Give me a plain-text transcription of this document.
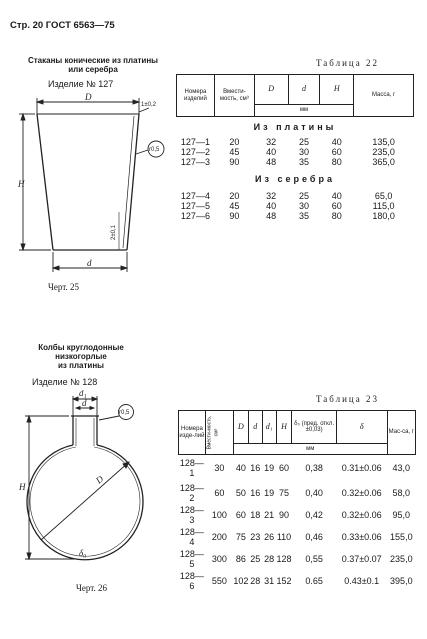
Стр. 20 ГОСТ 6563—75
Стаканы конические из платины
или серебра
Изделие № 127
D
H
d
1±0,2
r0,5
2±0,1
Черт. 25
Таблица 22
Номера изделий	Вмести-мость, см³	D	d	H	Масса, г
		мм			
Из платины					
127—1	20	32	25	40	135,0
127—2	45	40	30	60	235,0
127—3	90	48	35	80	365,0
Из серебра					
127—4	20	32	25	40	65,0
127—5	45	40	30	60	115,0
127—6	90	48	35	80	180,0
Колбы круглодонные
низкогорлые
из платины
Изделие № 128
d₁
d
H
D
δ₀
r0,5
Черт. 26
Таблица 23
Номера изде-лий	Вмести-мость, см³	D	d	d₁	H	δ₀ (пред. откл. ±0,03)	δ	Мас-са, г
		мм						
128—1	30	40	16	19	60	0,38	0.31±0.06	43,0
128—2	60	50	16	19	75	0,40	0.32±0.06	58,0
128—3	100	60	18	21	90	0,42	0.32±0.06	95,0
128—4	200	75	23	26	110	0,46	0.33±0.06	155,0
128—5	300	86	25	28	128	0,55	0.37±0.07	235,0
128—6	550	102	28	31	152	0.65	0.43±0.1	395,0
